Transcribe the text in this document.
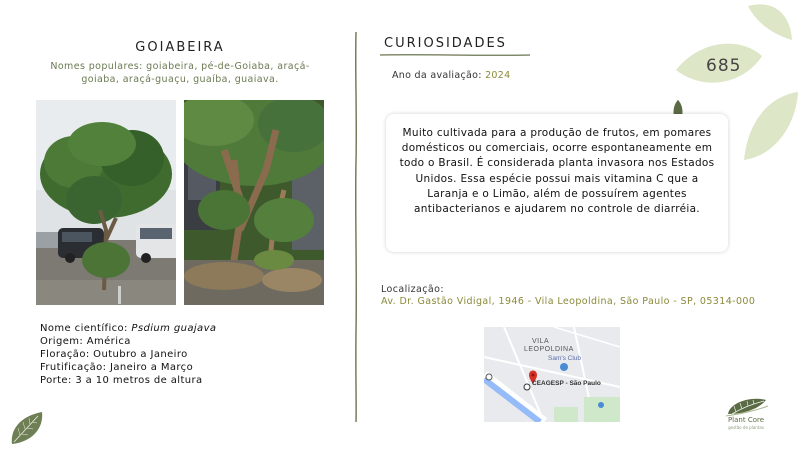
685
GOIABEIRA
Nomes populares: goiabeira, pé-de-Goiaba, araçá-goiaba, araçá-guaçu, guaíba, guaiava.
Nome científico: Psdium guajava
Origem: América
Floração: Outubro a Janeiro
Frutificação: Janeiro a Março
Porte: 3 a 10 metros de altura
CURIOSIDADES
Ano da avaliação: 2024
Muito cultivada para a produção de frutos, em pomares domésticos ou comerciais, ocorre espontaneamente em todo o Brasil. É considerada planta invasora nos Estados Unidos. Essa espécie possui mais vitamina C que a Laranja e o Limão, além de possuírem agentes antibacterianos e ajudarem no controle de diarréia.
Localização:
Av. Dr. Gastão Vidigal, 1946 - Vila Leopoldina, São Paulo - SP, 05314-000
VILA LEOPOLDINA
Sam's Club
CEAGESP - São Paulo
Plant Core
gestão de plantas
